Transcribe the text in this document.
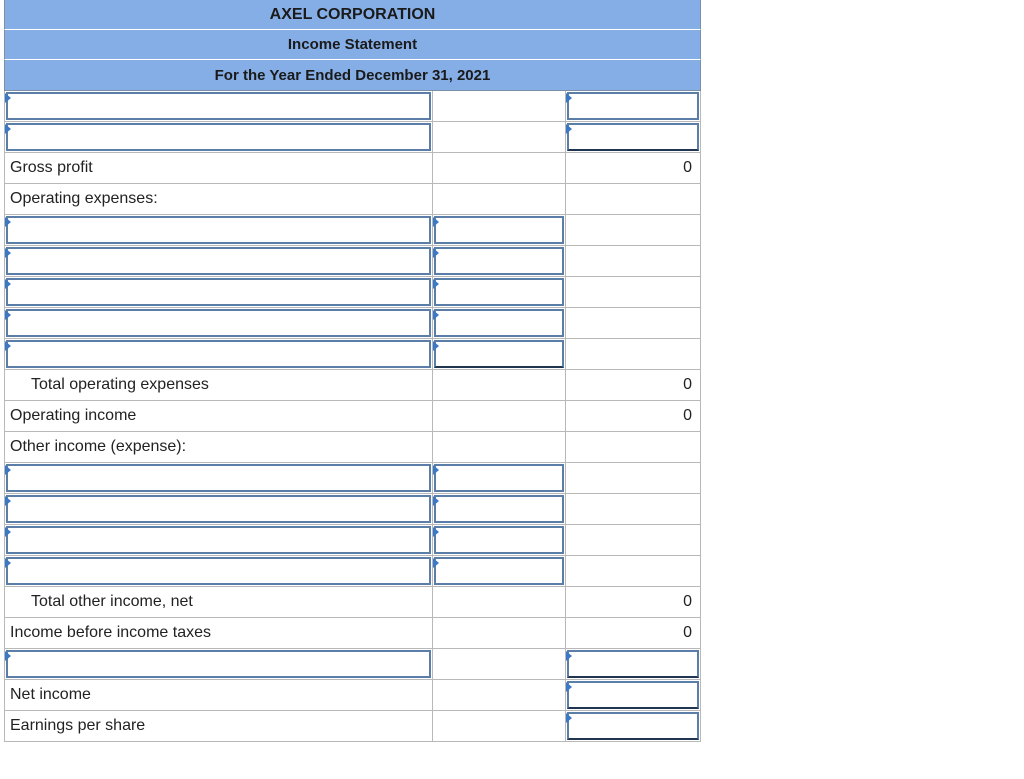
AXEL CORPORATION
Income Statement
For the Year Ended December 31, 2021
Gross profit	0
Operating expenses:
Total operating expenses	0
Operating income	0
Other income (expense):
Total other income, net	0
Income before income taxes	0
Net income
Earnings per share
